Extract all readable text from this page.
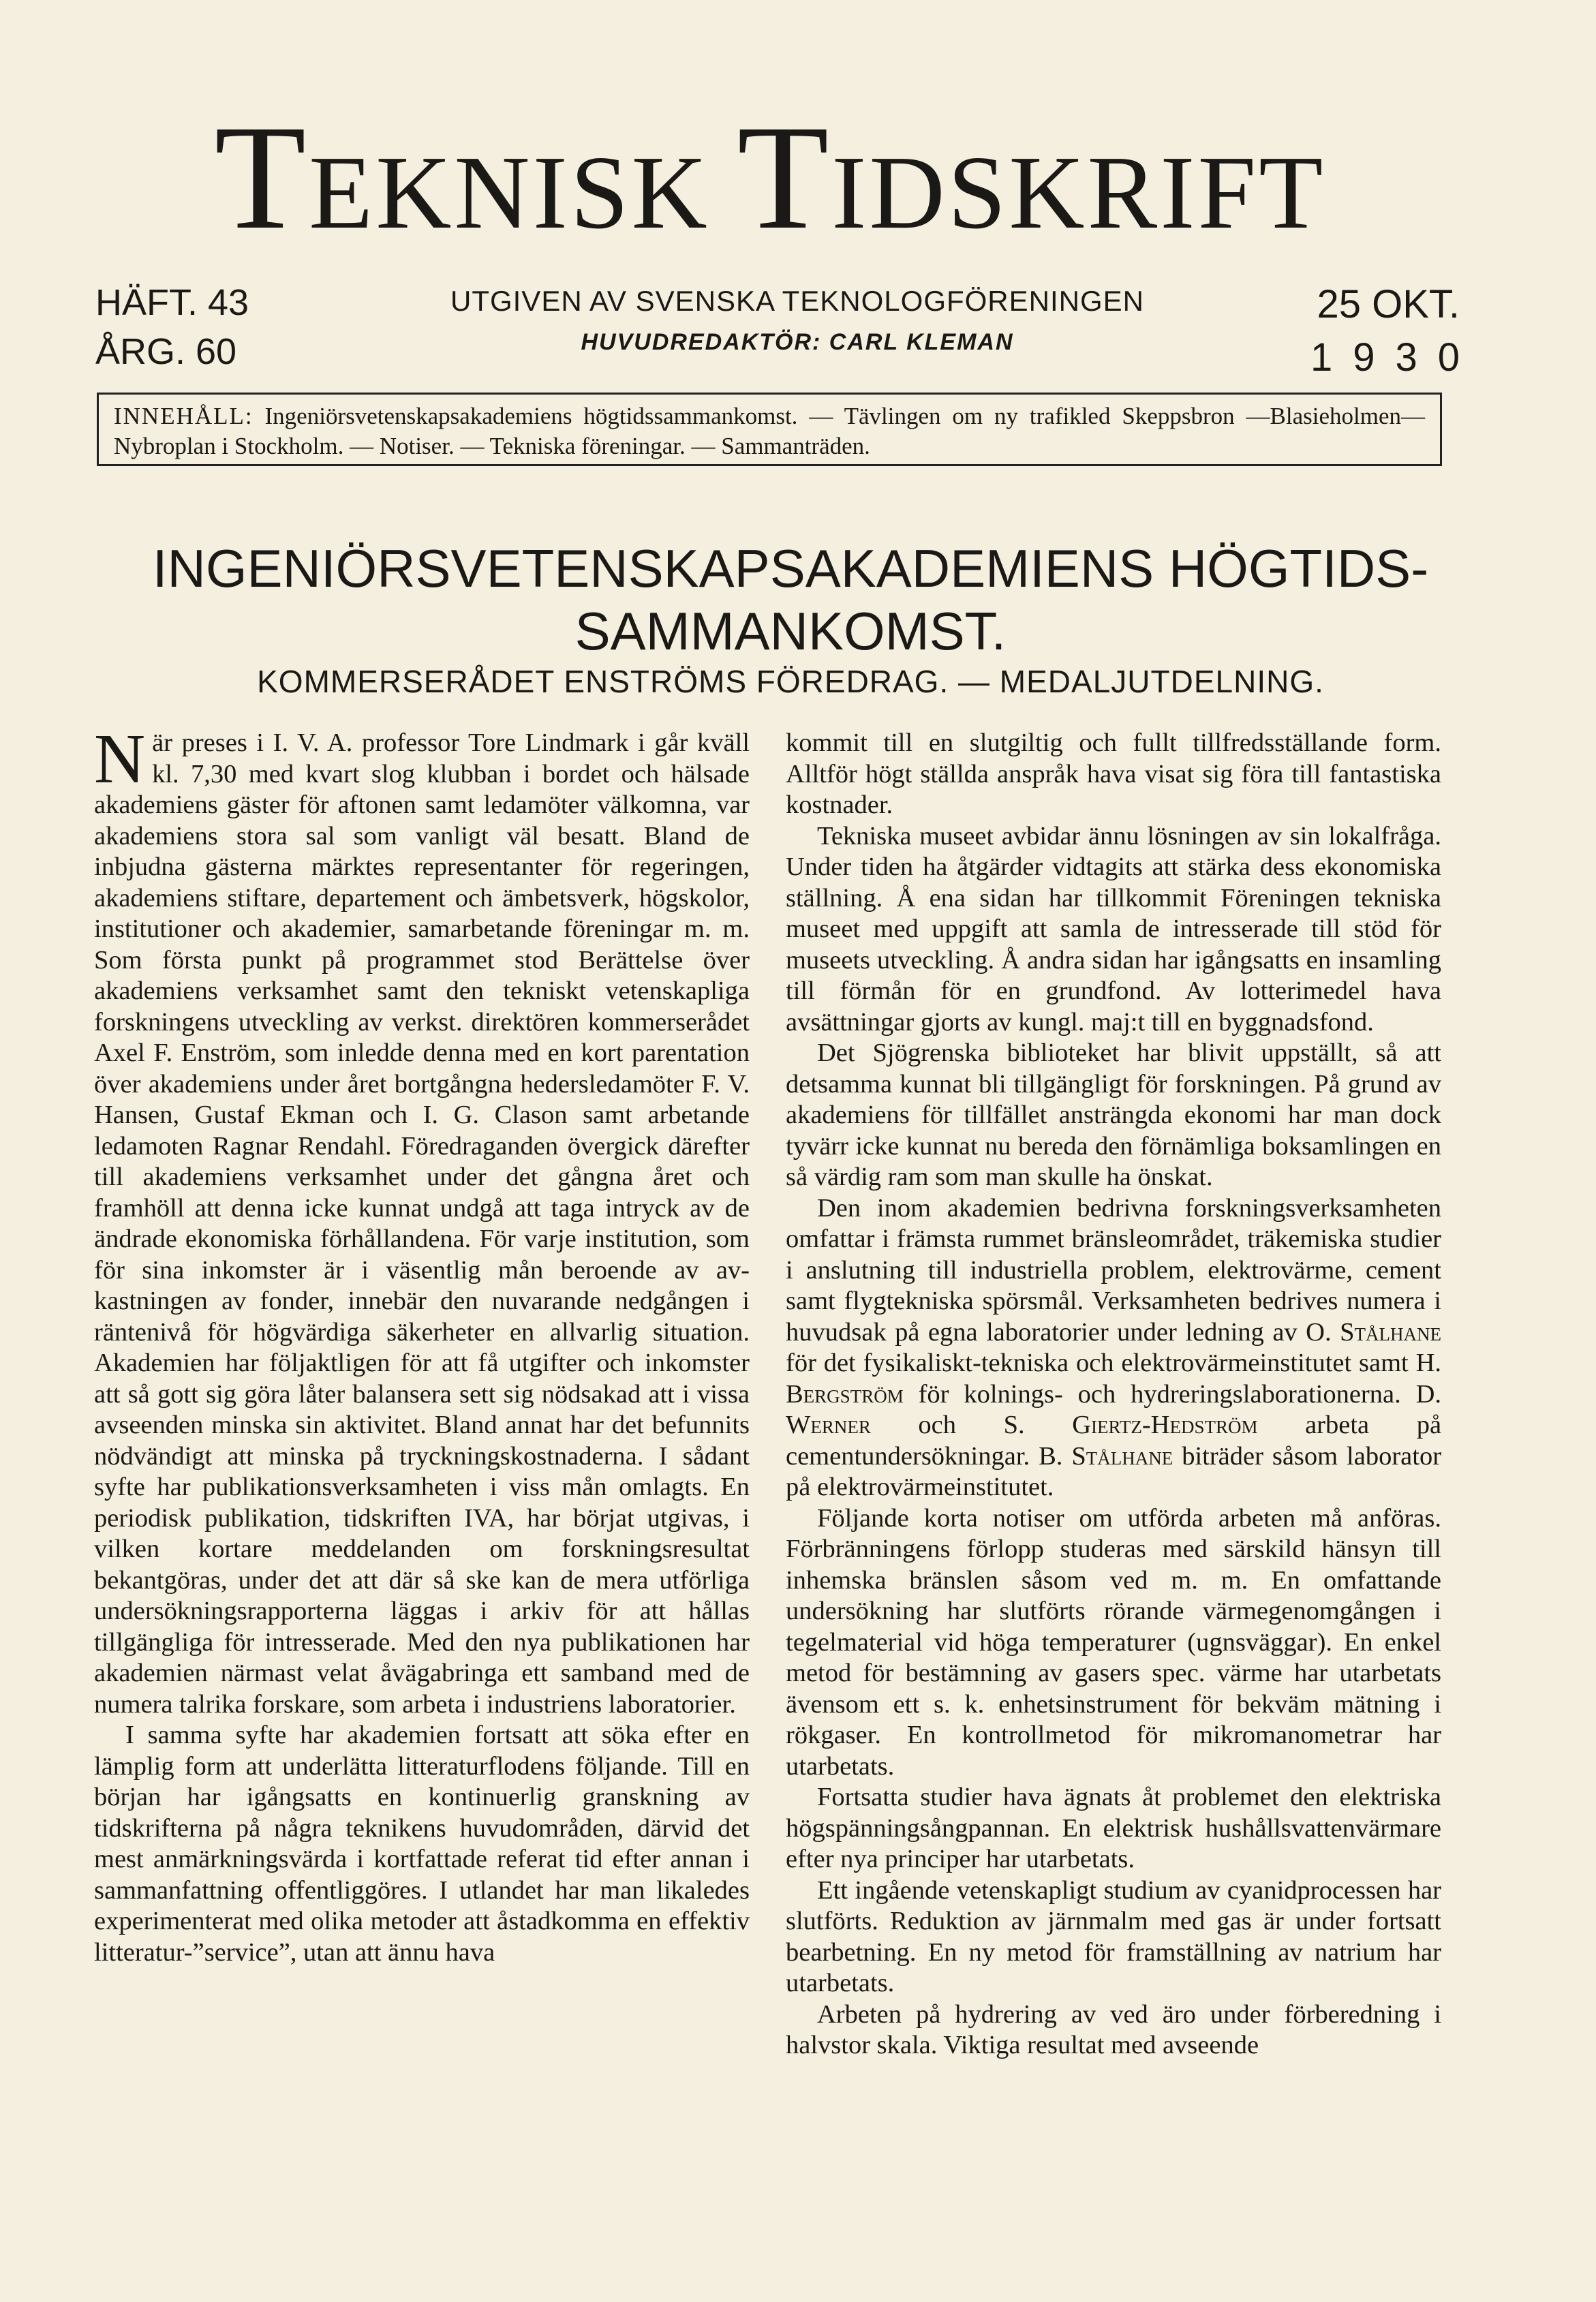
Teknisk Tidskrift
HÄFT. 43
ÅRG. 60
UTGIVEN AV SVENSKA TEKNOLOGFÖRENINGEN
HUVUDREDAKTÖR: CARL KLEMAN
25 OKT.
1930
INNEHÅLL: Ingeniörsvetenskapsakademiens högtidssammankomst. — Tävlingen om ny trafikled Skeppsbron —Blasieholmen—Nybroplan i Stockholm. — Notiser. — Tekniska föreningar. — Sammanträden.
INGENIÖRSVETENSKAPSAKADEMIENS HÖGTIDS-
SAMMANKOMST.
KOMMERSERÅDET ENSTRÖMS FÖREDRAG. — MEDALJUTDELNING.

När preses i I. V. A. professor Tore Lindmark i går kväll kl. 7,30 med kvart slog klubban i bordet och hälsade akademiens gäster för aftonen samt ledamöter välkomna, var akademiens stora sal som vanligt väl besatt. Bland de inbjudna gästerna märktes representanter för regeringen, akademiens stiftare, departement och ämbetsverk, högskolor, institutioner och akademier, samarbetande föreningar m. m. Som första punkt på programmet stod Berättelse över akademiens verksamhet samt den tekniskt vetenskapliga forskningens utveckling av verkst. direktören kommerserådet Axel F. Enström, som inledde denna med en kort parentation över akademiens under året bortgångna hedersledamöter F. V. Hansen, Gustaf Ekman och I. G. Clason samt arbetande ledamoten Ragnar Rendahl. Föredraganden övergick därefter till akademiens verksamhet under det gångna året och framhöll att denna icke kunnat undgå att taga intryck av de ändrade ekonomiska förhållandena. För varje institution, som för sina inkomster är i väsentlig mån beroende av avkastningen av fonder, innebär den nuvarande nedgången i räntenivå för högvärdiga säkerheter en allvarlig situation. Akademien har följaktligen för att få utgifter och inkomster att så gott sig göra låter balansera sett sig nödsakad att i vissa avseenden minska sin aktivitet. Bland annat har det befunnits nödvändigt att minska på tryckningskostnaderna. I sådant syfte har publikationsverksamheten i viss mån omlagts. En periodisk publikation, tidskriften IVA, har börjat utgivas, i vilken kortare meddelanden om forskningsresultat bekantgöras, under det att där så ske kan de mera utförliga undersökningsrapporterna läggas i arkiv för att hållas tillgängliga för intresserade. Med den nya publikationen har akademien närmast velat åvägabringa ett samband med de numera talrika forskare, som arbeta i industriens laboratorier.

I samma syfte har akademien fortsatt att söka efter en lämplig form att underlätta litteraturflodens följande. Till en början har igångsatts en kontinuerlig granskning av tidskrifterna på några teknikens huvudområden, därvid det mest anmärkningsvärda i kortfattade referat tid efter annan i sammanfattning offentliggöres. I utlandet har man likaledes experimenterat med olika metoder att åstadkomma en effektiv litteratur-”service”, utan att ännu hava

kommit till en slutgiltig och fullt tillfredsställande form. Alltför högt ställda anspråk hava visat sig föra till fantastiska kostnader.

Tekniska museet avbidar ännu lösningen av sin lokalfråga. Under tiden ha åtgärder vidtagits att stärka dess ekonomiska ställning. Å ena sidan har tillkommit Föreningen tekniska museet med uppgift att samla de intresserade till stöd för museets utveckling. Å andra sidan har igångsatts en insamling till förmån för en grundfond. Av lotterimedel hava avsättningar gjorts av kungl. maj:t till en byggnadsfond.

Det Sjögrenska biblioteket har blivit uppställt, så att detsamma kunnat bli tillgängligt för forskningen. På grund av akademiens för tillfället ansträngda ekonomi har man dock tyvärr icke kunnat nu bereda den förnämliga boksamlingen en så värdig ram som man skulle ha önskat.

Den inom akademien bedrivna forskningsverksamheten omfattar i främsta rummet bränsleområdet, träkemiska studier i anslutning till industriella problem, elektrovärme, cement samt flygtekniska spörsmål. Verksamheten bedrives numera i huvudsak på egna laboratorier under ledning av O. Stålhane för det fysikaliskt-tekniska och elektrovärmeinstitutet samt H. Bergström för kolnings- och hydreringslaborationerna. D. Werner och S. Giertz-Hedström arbeta på cementundersökningar. B. Stålhane biträder såsom laborator på elektrovärmeinstitutet.

Följande korta notiser om utförda arbeten må anföras. Förbränningens förlopp studeras med särskild hänsyn till inhemska bränslen såsom ved m. m. En omfattande undersökning har slutförts rörande värmegenomgången i tegelmaterial vid höga temperaturer (ugnsväggar). En enkel metod för bestämning av gasers spec. värme har utarbetats ävensom ett s. k. enhetsinstrument för bekväm mätning i rökgaser. En kontrollmetod för mikromanometrar har utarbetats.

Fortsatta studier hava ägnats åt problemet den elektriska högspänningsångpannan. En elektrisk hushållsvattenvärmare efter nya principer har utarbetats.

Ett ingående vetenskapligt studium av cyanidprocessen har slutförts. Reduktion av järnmalm med gas är under fortsatt bearbetning. En ny metod för framställning av natrium har utarbetats.

Arbeten på hydrering av ved äro under förberedning i halvstor skala. Viktiga resultat med avseende
